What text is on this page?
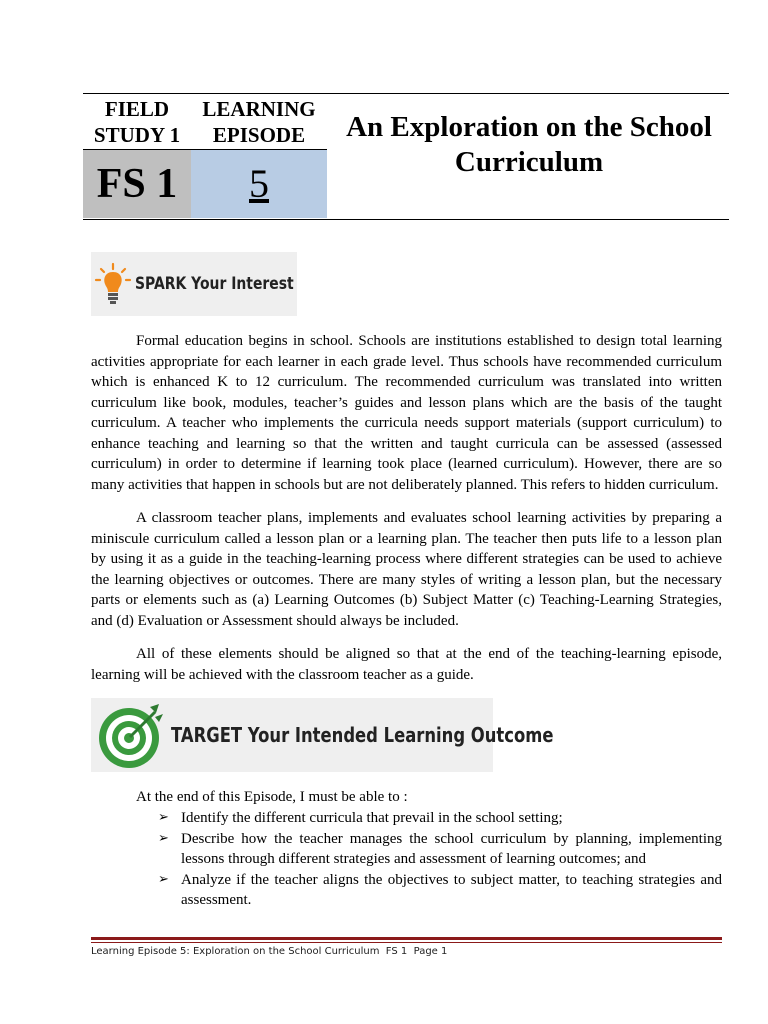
FIELD
STUDY 1
LEARNING
EPISODE
FS 1	5
An Exploration on the School Curriculum
SPARK Your Interest
Formal education begins in school. Schools are institutions established to design total learning activities appropriate for each learner in each grade level. Thus schools have recommended curriculum which is enhanced K to 12 curriculum. The recommended curriculum was translated into written curriculum like book, modules, teacher’s guides and lesson plans which are the basis of the taught curriculum. A teacher who implements the curricula needs support materials (support curriculum) to enhance teaching and learning so that the written and taught curricula can be assessed (assessed curriculum) in order to determine if learning took place (learned curriculum). However, there are so many activities that happen in schools but are not deliberately planned. This refers to hidden curriculum.
A classroom teacher plans, implements and evaluates school learning activities by preparing a miniscule curriculum called a lesson plan or a learning plan. The teacher then puts life to a lesson plan by using it as a guide in the teaching-learning process where different strategies can be used to achieve the learning objectives or outcomes. There are many styles of writing a lesson plan, but the necessary parts or elements such as (a) Learning Outcomes (b) Subject Matter (c) Teaching-Learning Strategies, and (d) Evaluation or Assessment should always be included.
All of these elements should be aligned so that at the end of the teaching-learning episode, learning will be achieved with the classroom teacher as a guide.
TARGET Your Intended Learning Outcome
At the end of this Episode, I must be able to :
➢ Identify the different curricula that prevail in the school setting;
➢ Describe how the teacher manages the school curriculum by planning, implementing lessons through different strategies and assessment of learning outcomes; and
➢ Analyze if the teacher aligns the objectives to subject matter, to teaching strategies and assessment.
Learning Episode 5: Exploration on the School Curriculum  FS 1  Page 1
